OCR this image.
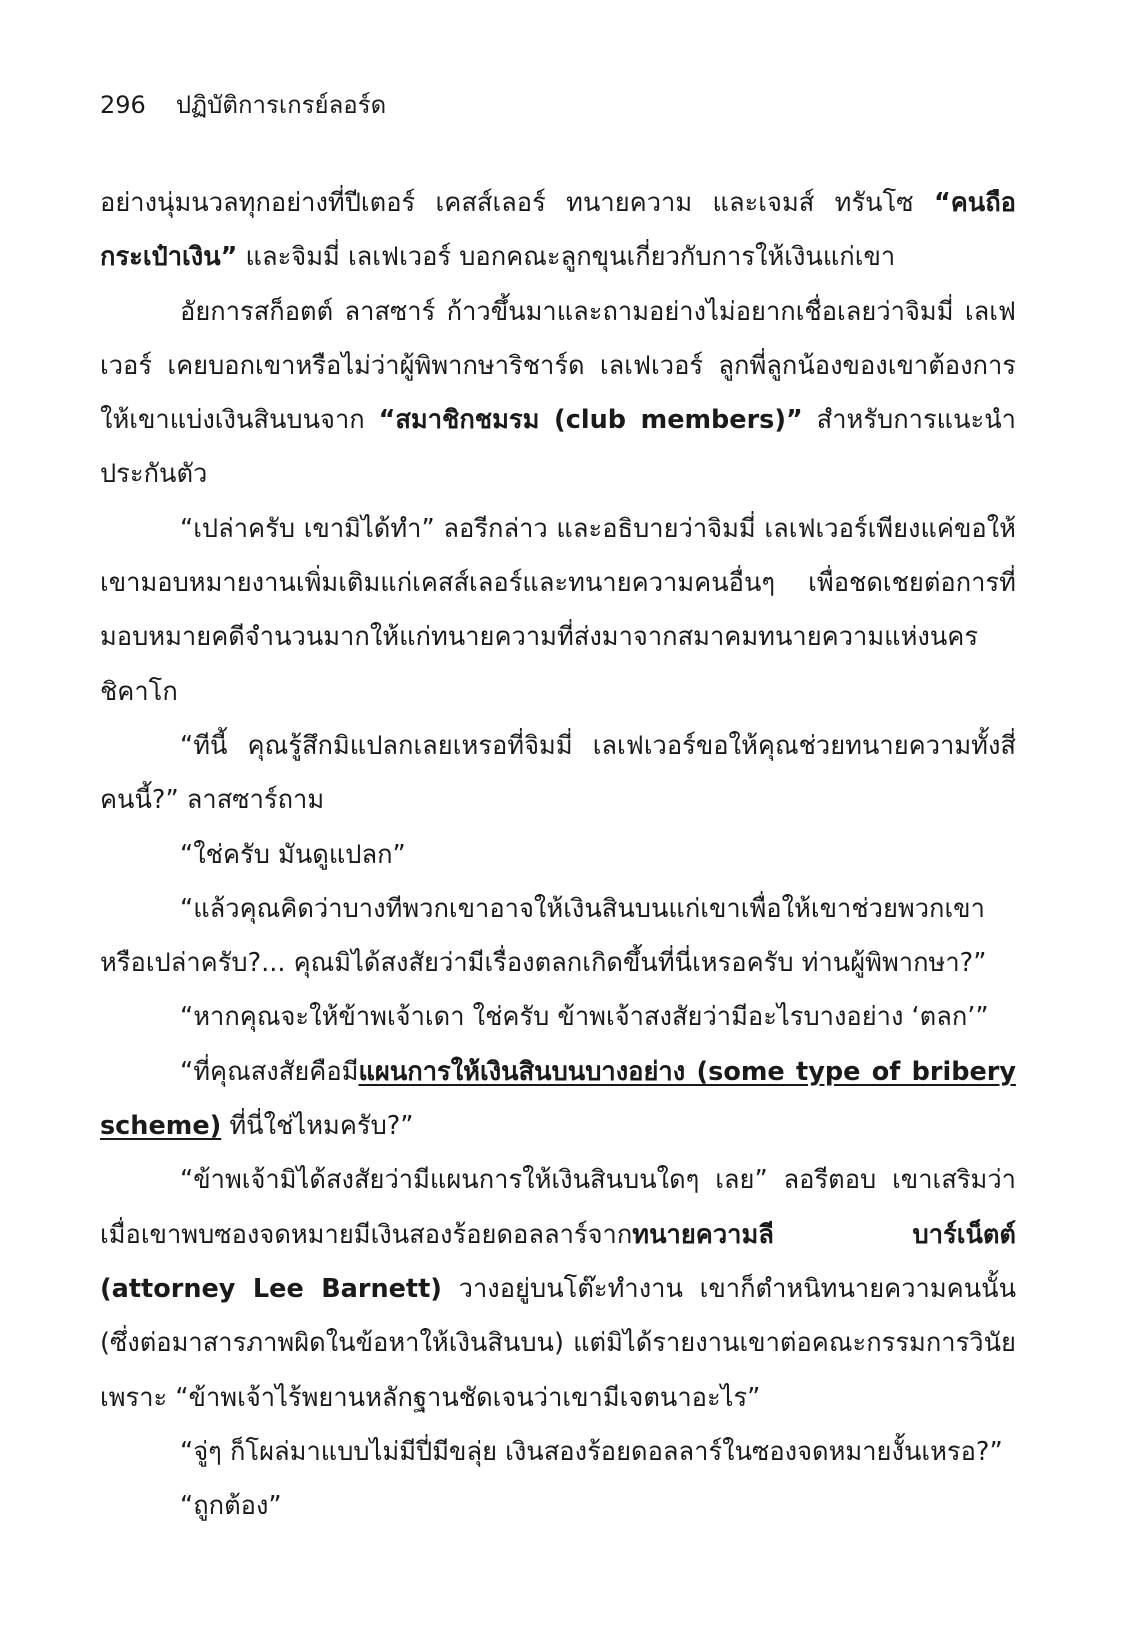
296 ปฏิบัติการเกรย์ลอร์ด

อย่างนุ่มนวลทุกอย่างที่ปีเตอร์ เคสส์เลอร์ ทนายความ และเจมส์ ทรันโซ “คนถือกระเป๋าเงิน” และจิมมี่ เลเฟเวอร์ บอกคณะลูกขุนเกี่ยวกับการให้เงินแก่เขา

อัยการสก็อตต์ ลาสซาร์ ก้าวขึ้นมาและถามอย่างไม่อยากเชื่อเลยว่าจิมมี่ เลเฟเวอร์ เคยบอกเขาหรือไม่ว่าผู้พิพากษาริชาร์ด เลเฟเวอร์ ลูกพี่ลูกน้องของเขาต้องการให้เขาแบ่งเงินสินบนจาก “สมาชิกชมรม (club members)” สำหรับการแนะนำประกันตัว

“เปล่าครับ เขามิได้ทำ” ลอรีกล่าว และอธิบายว่าจิมมี่ เลเฟเวอร์เพียงแค่ขอให้เขามอบหมายงานเพิ่มเติมแก่เคสส์เลอร์และทนายความคนอื่นๆ เพื่อชดเชยต่อการที่มอบหมายคดีจำนวนมากให้แก่ทนายความที่ส่งมาจากสมาคมทนายความแห่งนครชิคาโก

“ทีนี้ คุณรู้สึกมิแปลกเลยเหรอที่จิมมี่ เลเฟเวอร์ขอให้คุณช่วยทนายความทั้งสี่คนนี้?” ลาสซาร์ถาม

“ใช่ครับ มันดูแปลก”

“แล้วคุณคิดว่าบางทีพวกเขาอาจให้เงินสินบนแก่เขาเพื่อให้เขาช่วยพวกเขาหรือเปล่าครับ?... คุณมิได้สงสัยว่ามีเรื่องตลกเกิดขึ้นที่นี่เหรอครับ ท่านผู้พิพากษา?”

“หากคุณจะให้ข้าพเจ้าเดา ใช่ครับ ข้าพเจ้าสงสัยว่ามีอะไรบางอย่าง ‘ตลก’”

“ที่คุณสงสัยคือมีแผนการให้เงินสินบนบางอย่าง (some type of bribery scheme) ที่นี่ใช่ไหมครับ?”

“ข้าพเจ้ามิได้สงสัยว่ามีแผนการให้เงินสินบนใดๆ เลย” ลอรีตอบ เขาเสริมว่าเมื่อเขาพบซองจดหมายมีเงินสองร้อยดอลลาร์จากทนายความลี บาร์เน็ตต์ (attorney Lee Barnett) วางอยู่บนโต๊ะทำงาน เขาก็ตำหนิทนายความคนนั้น (ซึ่งต่อมาสารภาพผิดในข้อหาให้เงินสินบน) แต่มิได้รายงานเขาต่อคณะกรรมการวินัยเพราะ “ข้าพเจ้าไร้พยานหลักฐานชัดเจนว่าเขามีเจตนาอะไร”

“จู่ๆ ก็โผล่มาแบบไม่มีปี่มีขลุ่ย เงินสองร้อยดอลลาร์ในซองจดหมายงั้นเหรอ?”

“ถูกต้อง”
